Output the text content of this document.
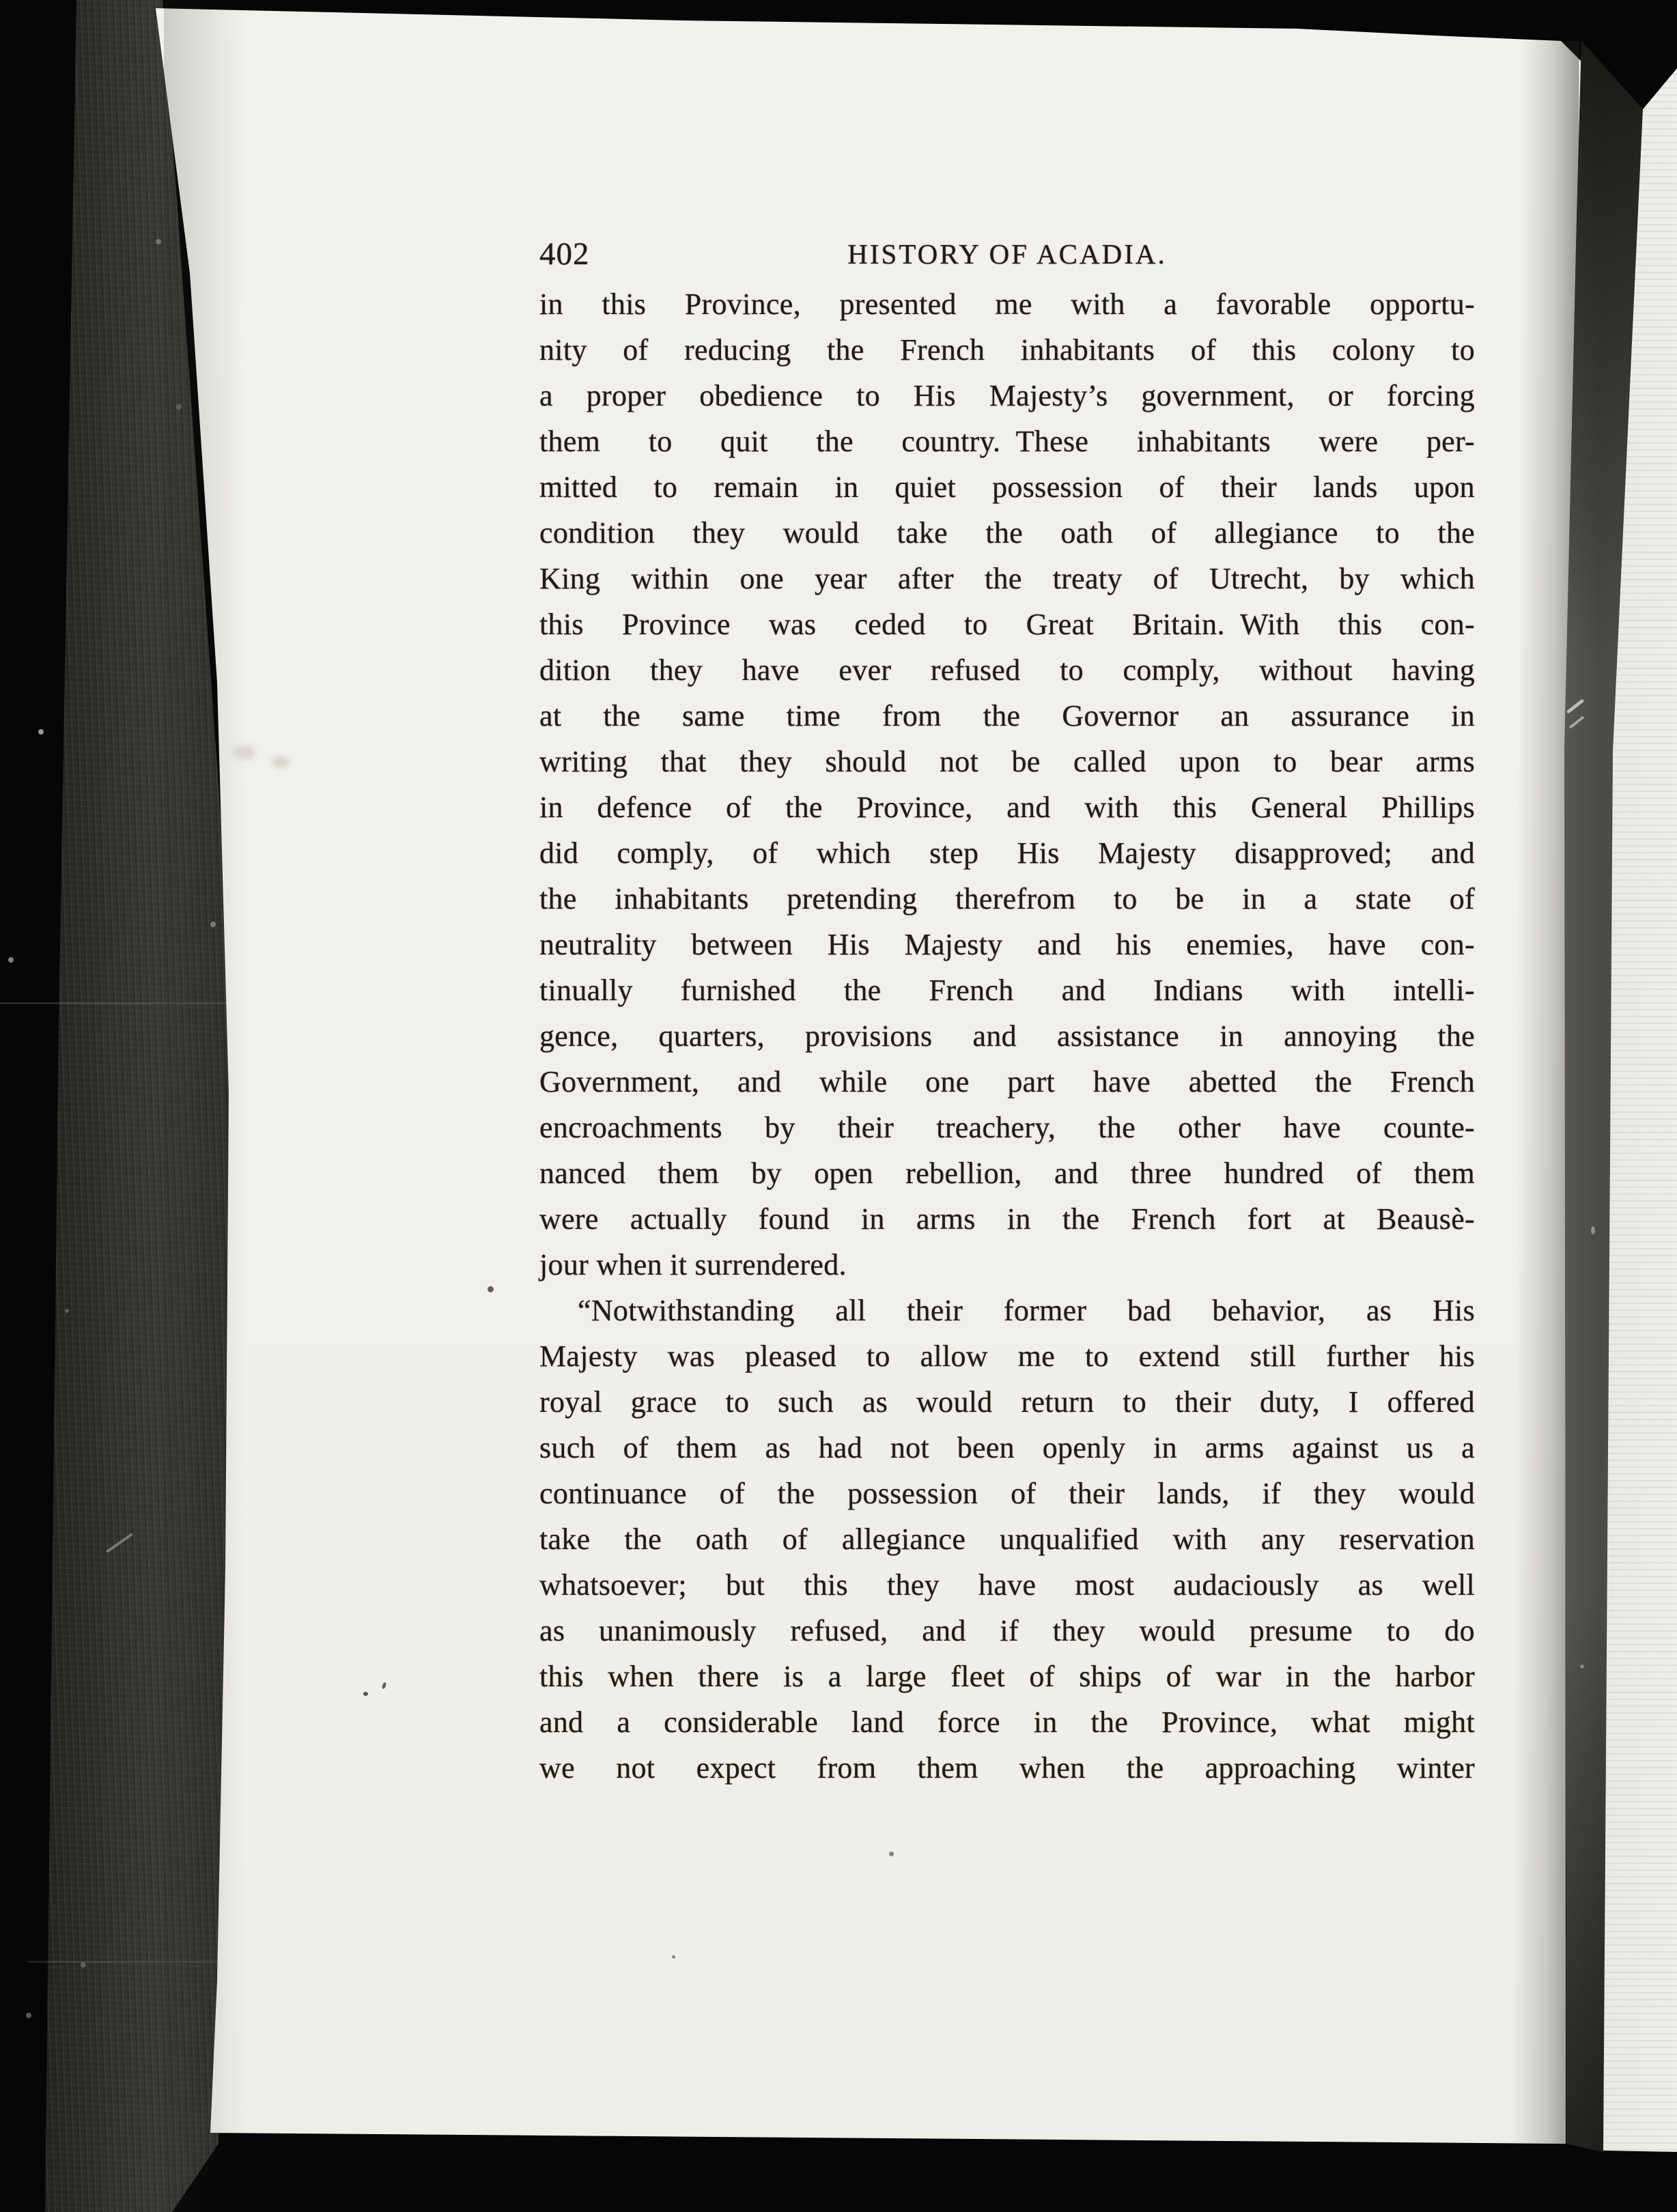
402	HISTORY OF ACADIA.
in this Province, presented me with a favorable opportu-
nity of reducing the French inhabitants of this colony to
a proper obedience to His Majesty’s government, or forcing
them to quit the country. These inhabitants were per-
mitted to remain in quiet possession of their lands upon
condition they would take the oath of allegiance to the
King within one year after the treaty of Utrecht, by which
this Province was ceded to Great Britain. With this con-
dition they have ever refused to comply, without having
at the same time from the Governor an assurance in
writing that they should not be called upon to bear arms
in defence of the Province, and with this General Phillips
did comply, of which step His Majesty disapproved; and
the inhabitants pretending therefrom to be in a state of
neutrality between His Majesty and his enemies, have con-
tinually furnished the French and Indians with intelli-
gence, quarters, provisions and assistance in annoying the
Government, and while one part have abetted the French
encroachments by their treachery, the other have counte-
nanced them by open rebellion, and three hundred of them
were actually found in arms in the French fort at Beausè-
jour when it surrendered.
“Notwithstanding all their former bad behavior, as His
Majesty was pleased to allow me to extend still further his
royal grace to such as would return to their duty, I offered
such of them as had not been openly in arms against us a
continuance of the possession of their lands, if they would
take the oath of allegiance unqualified with any reservation
whatsoever; but this they have most audaciously as well
as unanimously refused, and if they would presume to do
this when there is a large fleet of ships of war in the harbor
and a considerable land force in the Province, what might
we not expect from them when the approaching winter
